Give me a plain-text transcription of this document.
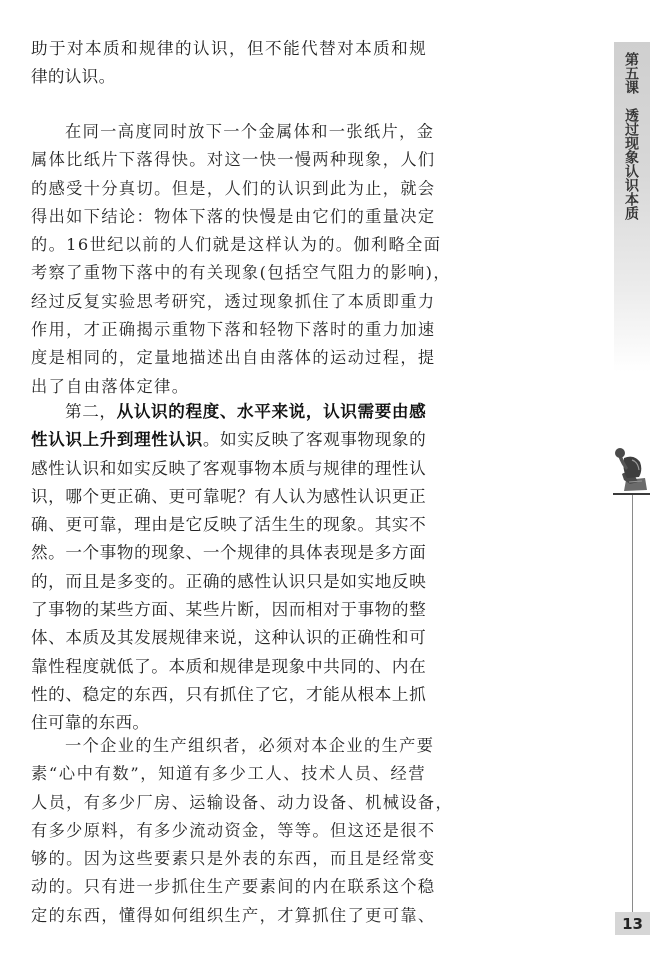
助于对本质和规律的认识，但不能代替对本质和规
律的认识。
在同一高度同时放下一个金属体和一张纸片，金
属体比纸片下落得快。对这一快一慢两种现象，人们
的感受十分真切。但是，人们的认识到此为止，就会
得出如下结论：物体下落的快慢是由它们的重量决定
的。16世纪以前的人们就是这样认为的。伽利略全面
考察了重物下落中的有关现象(包括空气阻力的影响)，
经过反复实验思考研究，透过现象抓住了本质即重力
作用，才正确揭示重物下落和轻物下落时的重力加速
度是相同的，定量地描述出自由落体的运动过程，提
出了自由落体定律。
第二，从认识的程度、水平来说，认识需要由感
性认识上升到理性认识。如实反映了客观事物现象的
感性认识和如实反映了客观事物本质与规律的理性认
识，哪个更正确、更可靠呢？有人认为感性认识更正
确、更可靠，理由是它反映了活生生的现象。其实不
然。一个事物的现象、一个规律的具体表现是多方面
的，而且是多变的。正确的感性认识只是如实地反映
了事物的某些方面、某些片断，因而相对于事物的整
体、本质及其发展规律来说，这种认识的正确性和可
靠性程度就低了。本质和规律是现象中共同的、内在
性的、稳定的东西，只有抓住了它，才能从根本上抓
住可靠的东西。
一个企业的生产组织者，必须对本企业的生产要
素“心中有数”，知道有多少工人、技术人员、经营
人员，有多少厂房、运输设备、动力设备、机械设备，
有多少原料，有多少流动资金，等等。但这还是很不
够的。因为这些要素只是外表的东西，而且是经常变
动的。只有进一步抓住生产要素间的内在联系这个稳
定的东西，懂得如何组织生产，才算抓住了更可靠、
第五课透过现象认识本质
13
